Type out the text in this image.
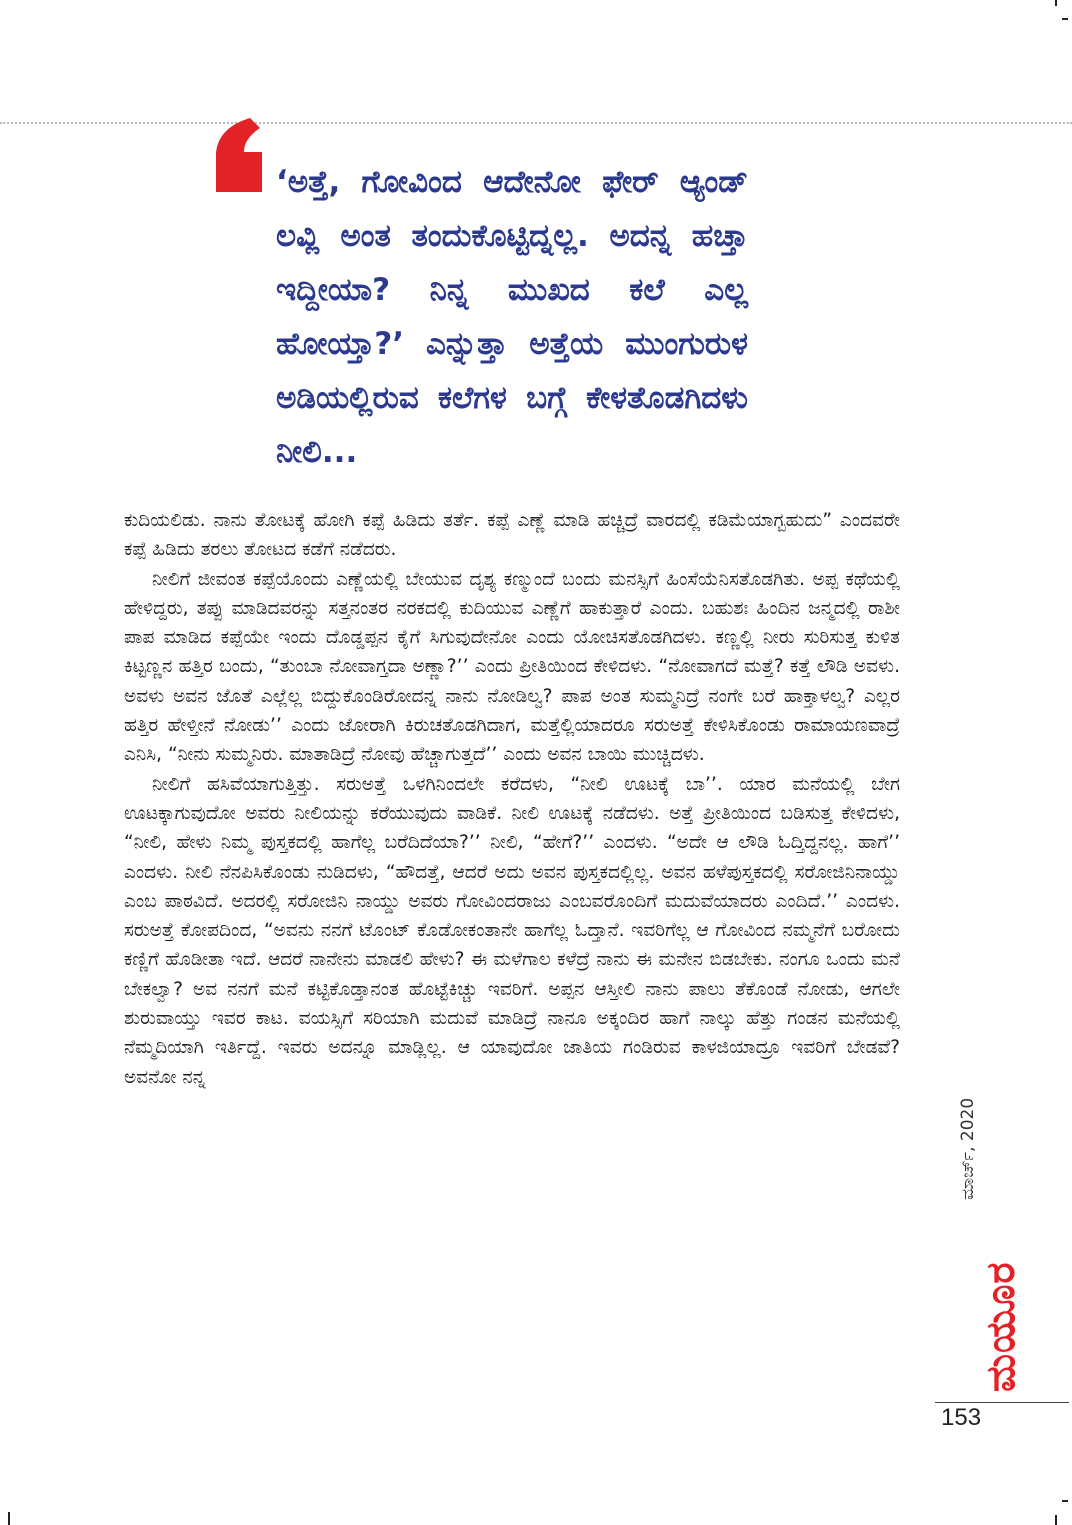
‘ಅತ್ತೆ, ಗೋವಿಂದ ಆದೇನೋ ಫೇರ್ ಆ್ಯಂಡ್ ಲವ್ಲಿ ಅಂತ ತಂದುಕೊಟ್ಟಿದ್ನಲ್ಲ. ಅದನ್ನ ಹಚ್ತಾ ಇದ್ದೀಯಾ? ನಿನ್ನ ಮುಖದ ಕಲೆ ಎಲ್ಲ ಹೋಯ್ತಾ?’ ಎನ್ನುತ್ತಾ ಅತ್ತೆಯ ಮುಂಗುರುಳ ಅಡಿಯಲ್ಲಿರುವ ಕಲೆಗಳ ಬಗ್ಗೆ ಕೇಳತೊಡಗಿದಳು ನೀಲಿ...

ಕುದಿಯಲಿಡು. ನಾನು ತೋಟಕ್ಕೆ ಹೋಗಿ ಕಪ್ಪೆ ಹಿಡಿದು ತರ್ತೆ. ಕಪ್ಪೆ ಎಣ್ಣೆ ಮಾಡಿ ಹಚ್ಚಿದ್ರೆ ವಾರದಲ್ಲಿ ಕಡಿಮೆಯಾಗ್ಬಹುದು” ಎಂದವರೇ ಕಪ್ಪೆ ಹಿಡಿದು ತರಲು ತೋಟದ ಕಡೆಗೆ ನಡೆದರು.

ನೀಲಿಗೆ ಜೀವಂತ ಕಪ್ಪೆಯೊಂದು ಎಣ್ಣೆಯಲ್ಲಿ ಬೇಯುವ ದೃಶ್ಯ ಕಣ್ಮುಂದೆ ಬಂದು ಮನಸ್ಸಿಗೆ ಹಿಂಸೆಯೆನಿಸತೊಡಗಿತು. ಅಪ್ಪ ಕಥೆಯಲ್ಲಿ ಹೇಳಿದ್ದರು, ತಪ್ಪು ಮಾಡಿದವರನ್ನು ಸತ್ತನಂತರ ನರಕದಲ್ಲಿ ಕುದಿಯುವ ಎಣ್ಣೆಗೆ ಹಾಕುತ್ತಾರೆ ಎಂದು. ಬಹುಶಃ ಹಿಂದಿನ ಜನ್ಮದಲ್ಲಿ ರಾಶೀ ಪಾಪ ಮಾಡಿದ ಕಪ್ಪೆಯೇ ಇಂದು ದೊಡ್ಡಪ್ಪನ ಕೈಗೆ ಸಿಗುವುದೇನೋ ಎಂದು ಯೋಚಿಸತೊಡಗಿದಳು. ಕಣ್ಣಲ್ಲಿ ನೀರು ಸುರಿಸುತ್ತ ಕುಳಿತ ಕಿಟ್ಟಣ್ಣನ ಹತ್ತಿರ ಬಂದು, “ತುಂಬಾ ನೋವಾಗ್ತದಾ ಅಣ್ಣಾ?’’ ಎಂದು ಪ್ರೀತಿಯಿಂದ ಕೇಳಿದಳು. “ನೋವಾಗದೆ ಮತ್ತೆ? ಕತ್ತೆ ಲೌಡಿ ಅವಳು. ಅವಳು ಅವನ ಜೊತೆ ಎಲ್ಲೆಲ್ಲ ಬಿದ್ದುಕೊಂಡಿರೋದನ್ನ ನಾನು ನೋಡಿಲ್ವ? ಪಾಪ ಅಂತ ಸುಮ್ಮನಿದ್ರೆ ನಂಗೇ ಬರೆ ಹಾಕ್ತಾಳಲ್ವ? ಎಲ್ಲರ ಹತ್ತಿರ ಹೇಳ್ತೀನೆ ನೋಡು’’ ಎಂದು ಜೋರಾಗಿ ಕಿರುಚತೊಡಗಿದಾಗ, ಮತ್ತೆಲ್ಲಿಯಾದರೂ ಸರುಅತ್ತೆ ಕೇಳಿಸಿಕೊಂಡು ರಾಮಾಯಣವಾದ್ರೆ ಎನಿಸಿ, “ನೀನು ಸುಮ್ಮನಿರು. ಮಾತಾಡಿದ್ರೆ ನೋವು ಹೆಚ್ಚಾಗುತ್ತದೆ’’ ಎಂದು ಅವನ ಬಾಯಿ ಮುಚ್ಚಿದಳು.

ನೀಲಿಗೆ ಹಸಿವೆಯಾಗುತ್ತಿತ್ತು. ಸರುಅತ್ತೆ ಒಳಗಿನಿಂದಲೇ ಕರೆದಳು, “ನೀಲಿ ಊಟಕ್ಕೆ ಬಾ’’. ಯಾರ ಮನೆಯಲ್ಲಿ ಬೇಗ ಊಟಕ್ಕಾಗುವುದೋ ಅವರು ನೀಲಿಯನ್ನು ಕರೆಯುವುದು ವಾಡಿಕೆ. ನೀಲಿ ಊಟಕ್ಕೆ ನಡೆದಳು. ಅತ್ತೆ ಪ್ರೀತಿಯಿಂದ ಬಡಿಸುತ್ತ ಕೇಳಿದಳು, “ನೀಲಿ, ಹೇಳು ನಿಮ್ಮ ಪುಸ್ತಕದಲ್ಲಿ ಹಾಗೆಲ್ಲ ಬರೆದಿದೆಯಾ?’’ ನೀಲಿ, “ಹೇಗೆ?’’ ಎಂದಳು. “ಅದೇ ಆ ಲೌಡಿ ಓದ್ತಿದ್ದನಲ್ಲ. ಹಾಗೆ’’ ಎಂದಳು. ನೀಲಿ ನೆನಪಿಸಿಕೊಂಡು ನುಡಿದಳು, “ಹೌದತ್ತೆ, ಆದರೆ ಅದು ಅವನ ಪುಸ್ತಕದಲ್ಲಿಲ್ಲ. ಅವನ ಹಳೆಪುಸ್ತಕದಲ್ಲಿ ಸರೋಜಿನಿನಾಯ್ಡು ಎಂಬ ಪಾಠವಿದೆ. ಅದರಲ್ಲಿ ಸರೋಜಿನಿ ನಾಯ್ಡು ಅವರು ಗೋವಿಂದರಾಜು ಎಂಬವರೊಂದಿಗೆ ಮದುವೆಯಾದರು ಎಂದಿದೆ.’’ ಎಂದಳು. ಸರುಅತ್ತೆ ಕೋಪದಿಂದ, “ಅವನು ನನಗೆ ಟೊಂಟ್ ಕೊಡೋಕಂತಾನೇ ಹಾಗೆಲ್ಲ ಓದ್ತಾನೆ. ಇವರಿಗೆಲ್ಲ ಆ ಗೋವಿಂದ ನಮ್ಮನೆಗೆ ಬರೋದು ಕಣ್ಣಿಗೆ ಹೊಡೀತಾ ಇದೆ. ಆದರೆ ನಾನೇನು ಮಾಡಲಿ ಹೇಳು? ಈ ಮಳೆಗಾಲ ಕಳೆದ್ರೆ ನಾನು ಈ ಮನೇನ ಬಿಡಬೇಕು. ನಂಗೂ ಒಂದು ಮನೆ ಬೇಕಲ್ವಾ? ಅವ ನನಗೆ ಮನೆ ಕಟ್ಟಿಕೊಡ್ತಾನಂತ ಹೊಟ್ಟೆಕಿಚ್ಚು ಇವರಿಗೆ. ಅಪ್ಪನ ಆಸ್ತೀಲಿ ನಾನು ಪಾಲು ತೆಕೊಂಡೆ ನೋಡು, ಆಗಲೇ ಶುರುವಾಯ್ತು ಇವರ ಕಾಟ. ವಯಸ್ಸಿಗೆ ಸರಿಯಾಗಿ ಮದುವೆ ಮಾಡಿದ್ರೆ ನಾನೂ ಅಕ್ಕಂದಿರ ಹಾಗೆ ನಾಲ್ಕು ಹೆತ್ತು ಗಂಡನ ಮನೆಯಲ್ಲಿ ನೆಮ್ಮದಿಯಾಗಿ ಇರ್ತಿದ್ದೆ. ಇವರು ಅದನ್ನೂ ಮಾಡ್ಲಿಲ್ಲ. ಆ ಯಾವುದೋ ಜಾತಿಯ ಗಂಡಿರುವ ಕಾಳಜಿಯಾದ್ರೂ ಇವರಿಗೆ ಬೇಡವೆ? ಅವನೋ ನನ್ನ

ಮಾರ್ಚ್, 2020
ಮಯೂರ
153
